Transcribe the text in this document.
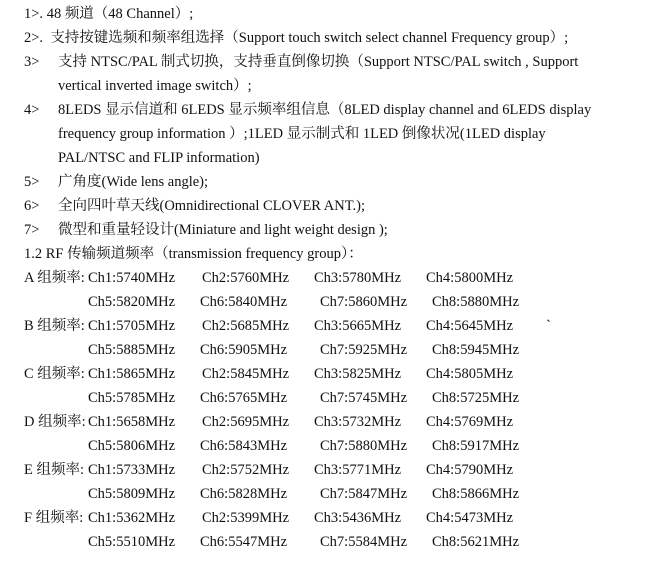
1>. 48 频道（48 Channel）;
2>. 支持按键选频和频率组选择（Support touch switch select channel Frequency group）;
3>	支持 NTSC/PAL 制式切换，支持垂直倒像切换（Support NTSC/PAL switch , Support
vertical inverted image switch）;
4>	8LEDS 显示信道和 6LEDS 显示频率组信息（8LED display channel and 6LEDS display
frequency group information ）;1LED 显示制式和 1LED 倒像状况(1LED display
PAL/NTSC and FLIP information)
5>	广角度(Wide lens angle);
6>	全向四叶草天线(Omnidirectional CLOVER ANT.);
7>	微型和重量轻设计(Miniature and light weight design );
1.2 RF 传输频道频率（transmission frequency group）：
A 组频率: Ch1:5740MHz	Ch2:5760MHz	Ch3:5780MHz	Ch4:5800MHz
Ch5:5820MHz	Ch6:5840MHz	Ch7:5860MHz	Ch8:5880MHz
B 组频率: Ch1:5705MHz	Ch2:5685MHz	Ch3:5665MHz	Ch4:5645MHz	`
Ch5:5885MHz	Ch6:5905MHz	Ch7:5925MHz	Ch8:5945MHz
C 组频率: Ch1:5865MHz	Ch2:5845MHz	Ch3:5825MHz	Ch4:5805MHz
Ch5:5785MHz	Ch6:5765MHz	Ch7:5745MHz	Ch8:5725MHz
D 组频率: Ch1:5658MHz	Ch2:5695MHz	Ch3:5732MHz	Ch4:5769MHz
Ch5:5806MHz	Ch6:5843MHz	Ch7:5880MHz	Ch8:5917MHz
E 组频率: Ch1:5733MHz	Ch2:5752MHz	Ch3:5771MHz	Ch4:5790MHz
Ch5:5809MHz	Ch6:5828MHz	Ch7:5847MHz	Ch8:5866MHz
F 组频率: Ch1:5362MHz	Ch2:5399MHz	Ch3:5436MHz	Ch4:5473MHz
Ch5:5510MHz	Ch6:5547MHz	Ch7:5584MHz	Ch8:5621MHz
